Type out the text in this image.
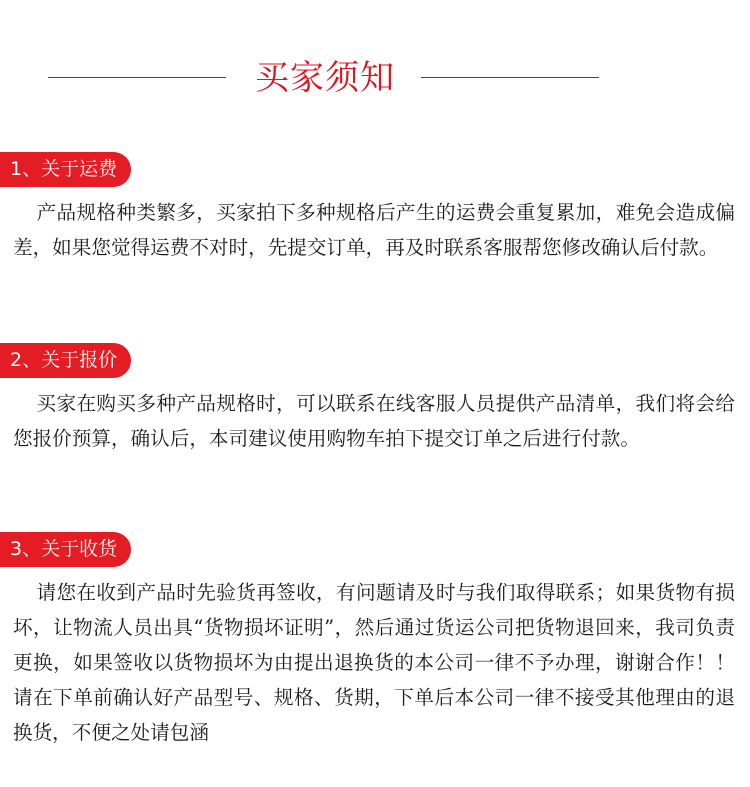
买家须知
1、关于运费

产品规格种类繁多，买家拍下多种规格后产生的运费会重复累加，难免会造成偏差，如果您觉得运费不对时，先提交订单，再及时联系客服帮您修改确认后付款。

2、关于报价

买家在购买多种产品规格时，可以联系在线客服人员提供产品清单，我们将会给您报价预算，确认后，本司建议使用购物车拍下提交订单之后进行付款。

3、关于收货

请您在收到产品时先验货再签收，有问题请及时与我们取得联系；如果货物有损坏，让物流人员出具“货物损坏证明”，然后通过货运公司把货物退回来，我司负责更换，如果签收以货物损坏为由提出退换货的本公司一律不予办理，谢谢合作！！请在下单前确认好产品型号、规格、货期，下单后本公司一律不接受其他理由的退换货，不便之处请包涵
